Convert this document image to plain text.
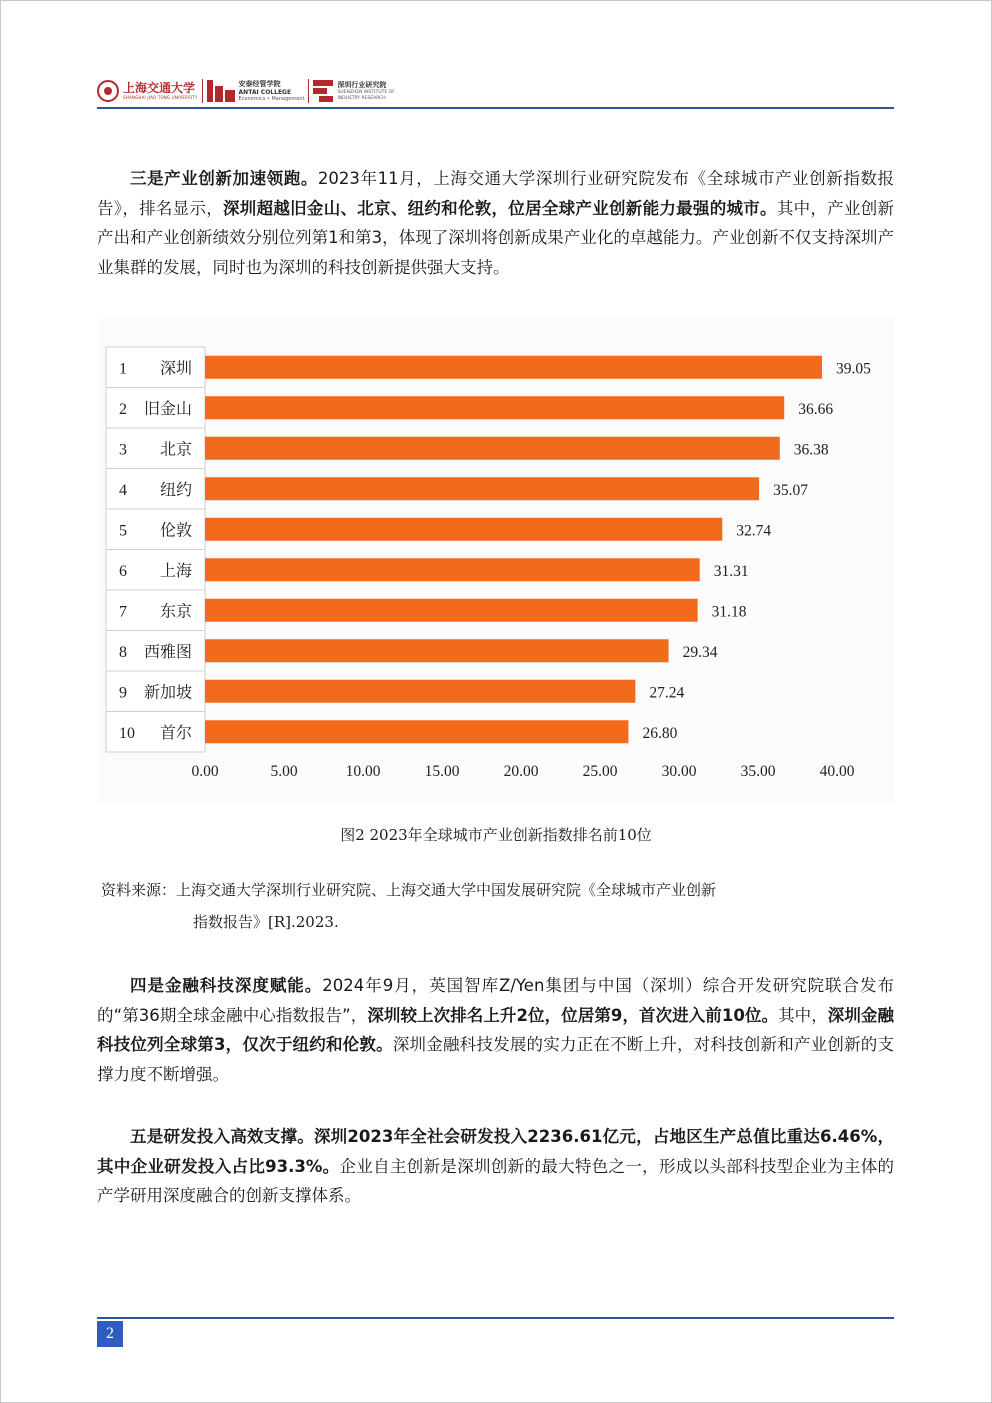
上海交通大学
SHANGHAI JIAO TONG UNIVERSITY
安泰经管学院
ANTAI COLLEGE
Economics • Management
深圳行业研究院
SHENZHEN INSTITUTE OF
INDUSTRY RESEARCH

三是产业创新加速领跑。2023年11月，上海交通大学深圳行业研究院发布《全球城市产业创新指数报告》，排名显示，深圳超越旧金山、北京、纽约和伦敦，位居全球产业创新能力最强的城市。其中，产业创新产出和产业创新绩效分别位列第1和第3，体现了深圳将创新成果产业化的卓越能力。产业创新不仅支持深圳产业集群的发展，同时也为深圳的科技创新提供强大支持。

1 深圳	39.05
2 旧金山	36.66
3 北京	36.38
4 纽约	35.07
5 伦敦	32.74
6 上海	31.31
7 东京	31.18
8 西雅图	29.34
9 新加坡	27.24
10 首尔	26.80
0.00	5.00	10.00	15.00	20.00	25.00	30.00	35.00	40.00
图2 2023年全球城市产业创新指数排名前10位
资料来源：上海交通大学深圳行业研究院、上海交通大学中国发展研究院《全球城市产业创新
指数报告》[R].2023.

四是金融科技深度赋能。2024年9月，英国智库Z/Yen集团与中国（深圳）综合开发研究院联合发布的“第36期全球金融中心指数报告”，深圳较上次排名上升2位，位居第9，首次进入前10位。其中，深圳金融科技位列全球第3，仅次于纽约和伦敦。深圳金融科技发展的实力正在不断上升，对科技创新和产业创新的支撑力度不断增强。

五是研发投入高效支撑。深圳2023年全社会研发投入2236.61亿元，占地区生产总值比重达6.46%，其中企业研发投入占比93.3%。企业自主创新是深圳创新的最大特色之一，形成以头部科技型企业为主体的产学研用深度融合的创新支撑体系。

2
